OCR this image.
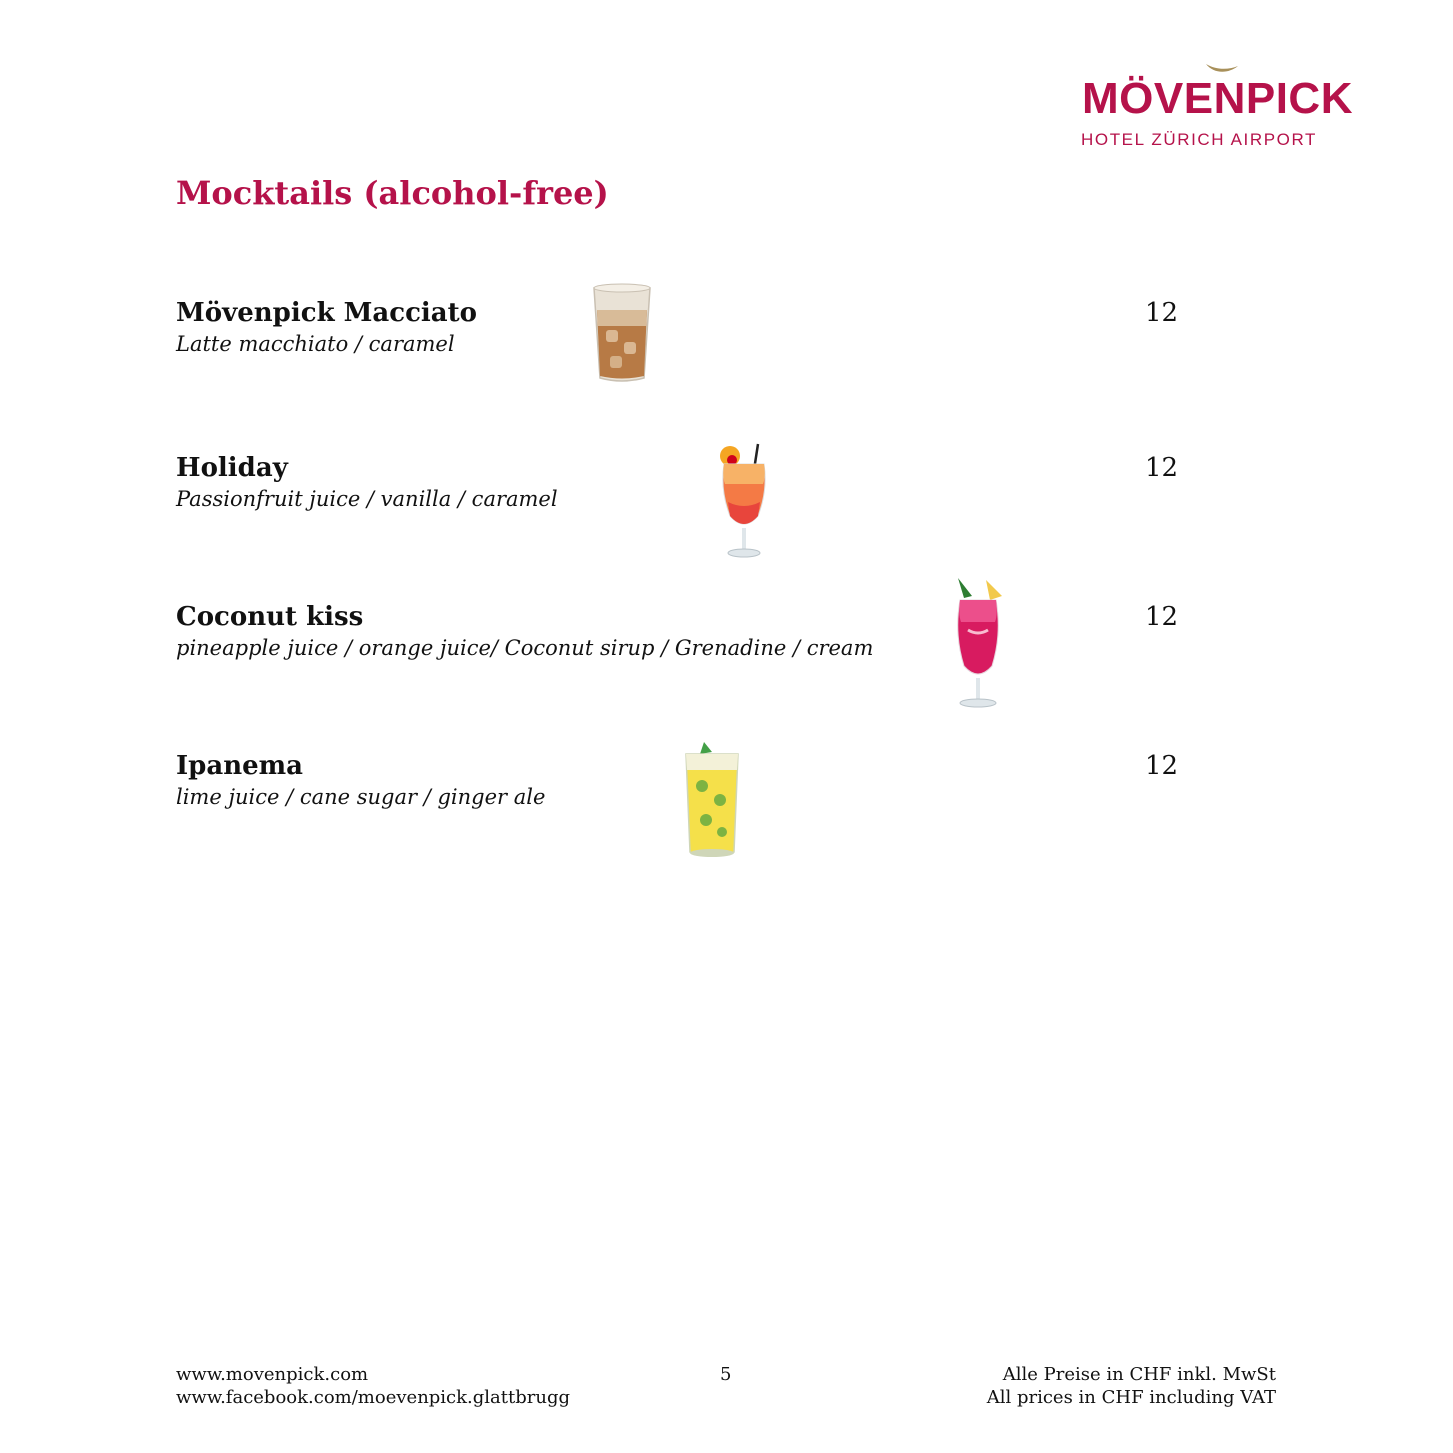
MÖVENPICK
HOTEL ZÜRICH AIRPORT
Mocktails (alcohol-free)
Mövenpick Macciato
Latte macchiato / caramel
12
Holiday
Passionfruit juice / vanilla / caramel
12
Coconut kiss
pineapple juice / orange juice/ Coconut sirup / Grenadine / cream
12
Ipanema
lime juice / cane sugar / ginger ale
12
www.movenpick.com
www.facebook.com/moevenpick.glattbrugg
5	Alle Preise in CHF inkl. MwSt
All prices in CHF including VAT
